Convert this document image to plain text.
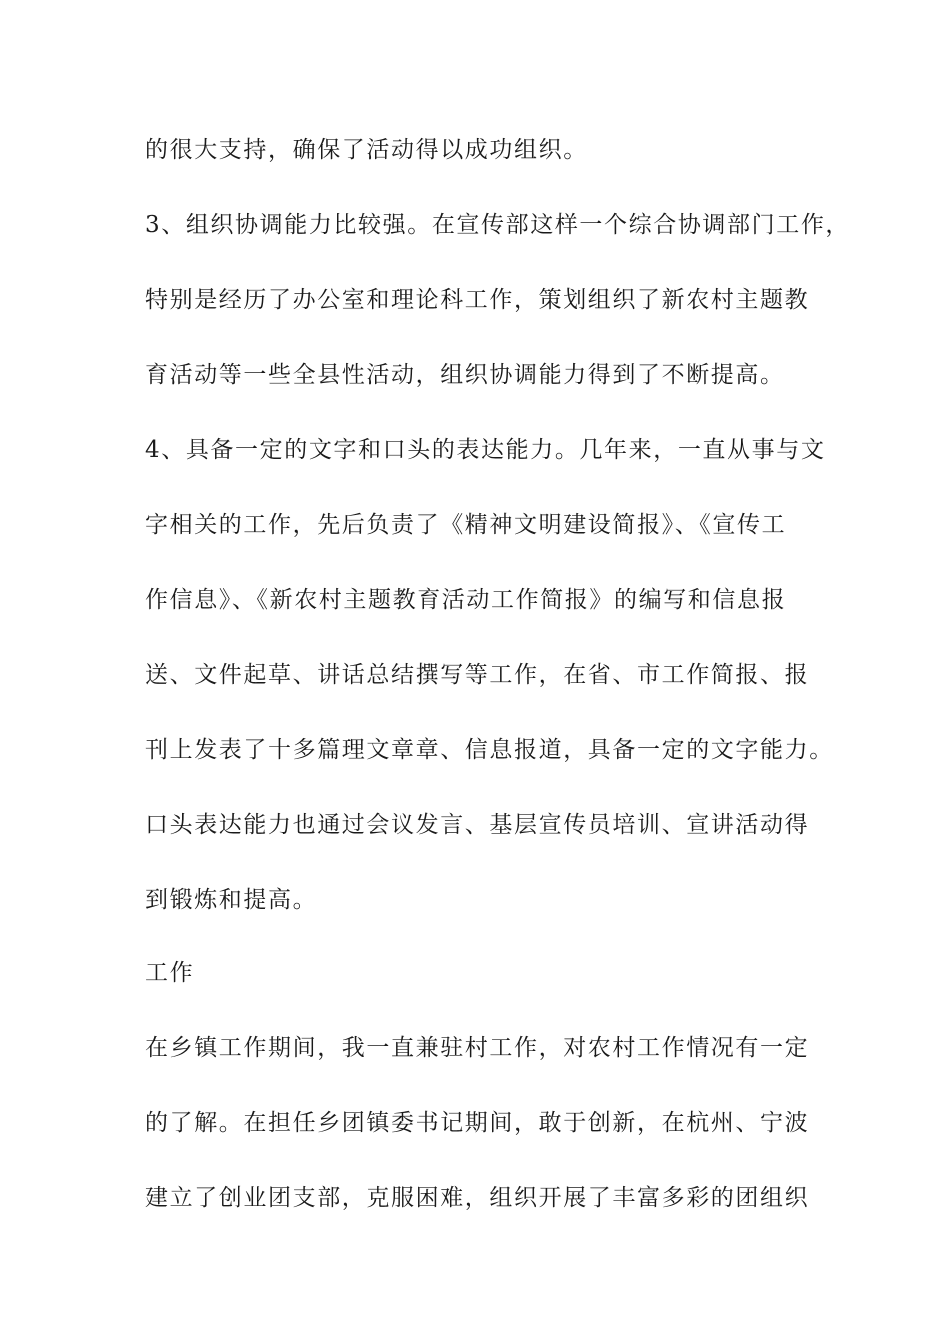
的很大支持，确保了活动得以成功组织。

3、组织协调能力比较强。在宣传部这样一个综合协调部门工作，

特别是经历了办公室和理论科工作，策划组织了新农村主题教

育活动等一些全县性活动，组织协调能力得到了不断提高。

4、具备一定的文字和口头的表达能力。几年来，一直从事与文

字相关的工作，先后负责了《精神文明建设简报》、《宣传工

作信息》、《新农村主题教育活动工作简报》的编写和信息报

送、文件起草、讲话总结撰写等工作，在省、市工作简报、报

刊上发表了十多篇理文章章、信息报道，具备一定的文字能力。

口头表达能力也通过会议发言、基层宣传员培训、宣讲活动得

到锻炼和提高。

工作

在乡镇工作期间，我一直兼驻村工作，对农村工作情况有一定

的了解。在担任乡团镇委书记期间，敢于创新，在杭州、宁波

建立了创业团支部，克服困难，组织开展了丰富多彩的团组织
